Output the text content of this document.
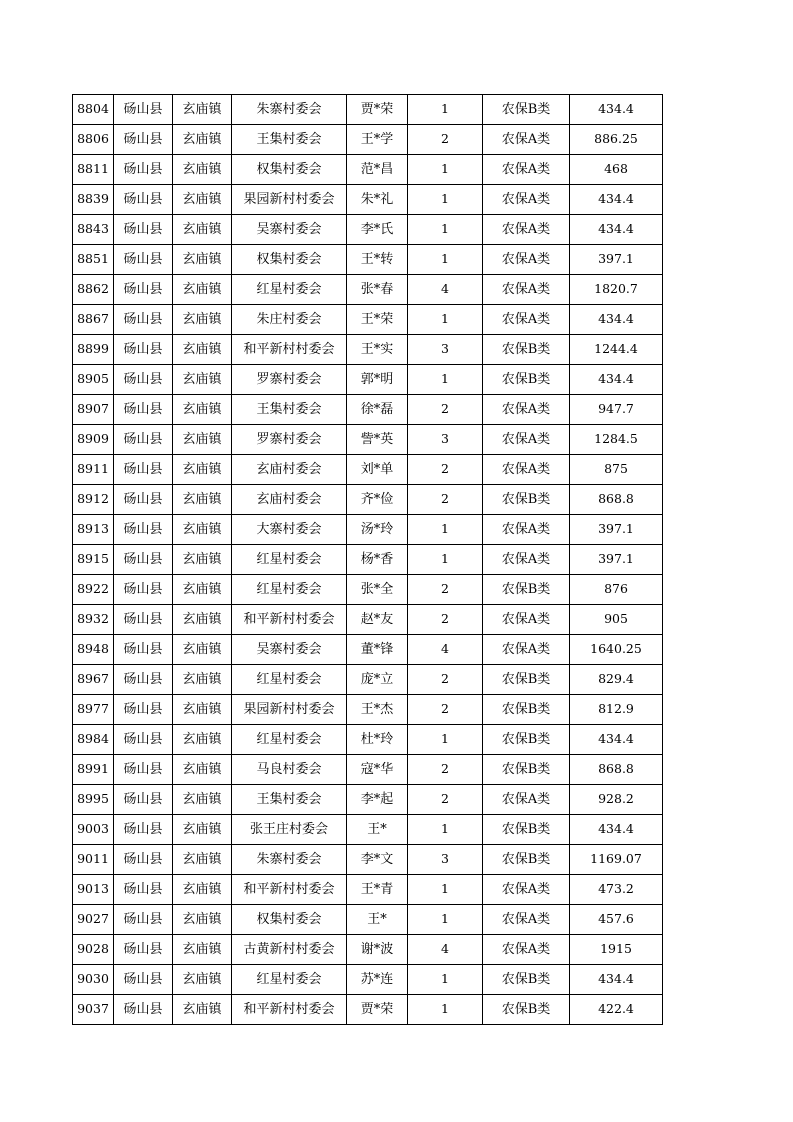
8804	砀山县	玄庙镇	朱寨村委会	贾*荣	1	农保B类	434.4
8806	砀山县	玄庙镇	王集村委会	王*学	2	农保A类	886.25
8811	砀山县	玄庙镇	权集村委会	范*昌	1	农保A类	468
8839	砀山县	玄庙镇	果园新村村委会	朱*礼	1	农保A类	434.4
8843	砀山县	玄庙镇	吴寨村委会	李*氏	1	农保A类	434.4
8851	砀山县	玄庙镇	权集村委会	王*转	1	农保A类	397.1
8862	砀山县	玄庙镇	红星村委会	张*春	4	农保A类	1820.7
8867	砀山县	玄庙镇	朱庄村委会	王*荣	1	农保A类	434.4
8899	砀山县	玄庙镇	和平新村村委会	王*实	3	农保B类	1244.4
8905	砀山县	玄庙镇	罗寨村委会	郭*明	1	农保B类	434.4
8907	砀山县	玄庙镇	王集村委会	徐*磊	2	农保A类	947.7
8909	砀山县	玄庙镇	罗寨村委会	訾*英	3	农保A类	1284.5
8911	砀山县	玄庙镇	玄庙村委会	刘*单	2	农保A类	875
8912	砀山县	玄庙镇	玄庙村委会	齐*俭	2	农保B类	868.8
8913	砀山县	玄庙镇	大寨村委会	汤*玲	1	农保A类	397.1
8915	砀山县	玄庙镇	红星村委会	杨*香	1	农保A类	397.1
8922	砀山县	玄庙镇	红星村委会	张*全	2	农保B类	876
8932	砀山县	玄庙镇	和平新村村委会	赵*友	2	农保A类	905
8948	砀山县	玄庙镇	吴寨村委会	董*锋	4	农保A类	1640.25
8967	砀山县	玄庙镇	红星村委会	庞*立	2	农保B类	829.4
8977	砀山县	玄庙镇	果园新村村委会	王*杰	2	农保B类	812.9
8984	砀山县	玄庙镇	红星村委会	杜*玲	1	农保B类	434.4
8991	砀山县	玄庙镇	马良村委会	寇*华	2	农保B类	868.8
8995	砀山县	玄庙镇	王集村委会	李*起	2	农保A类	928.2
9003	砀山县	玄庙镇	张王庄村委会	王*	1	农保B类	434.4
9011	砀山县	玄庙镇	朱寨村委会	李*文	3	农保B类	1169.07
9013	砀山县	玄庙镇	和平新村村委会	王*青	1	农保A类	473.2
9027	砀山县	玄庙镇	权集村委会	王*	1	农保A类	457.6
9028	砀山县	玄庙镇	古黄新村村委会	谢*波	4	农保A类	1915
9030	砀山县	玄庙镇	红星村委会	苏*连	1	农保B类	434.4
9037	砀山县	玄庙镇	和平新村村委会	贾*荣	1	农保B类	422.4
